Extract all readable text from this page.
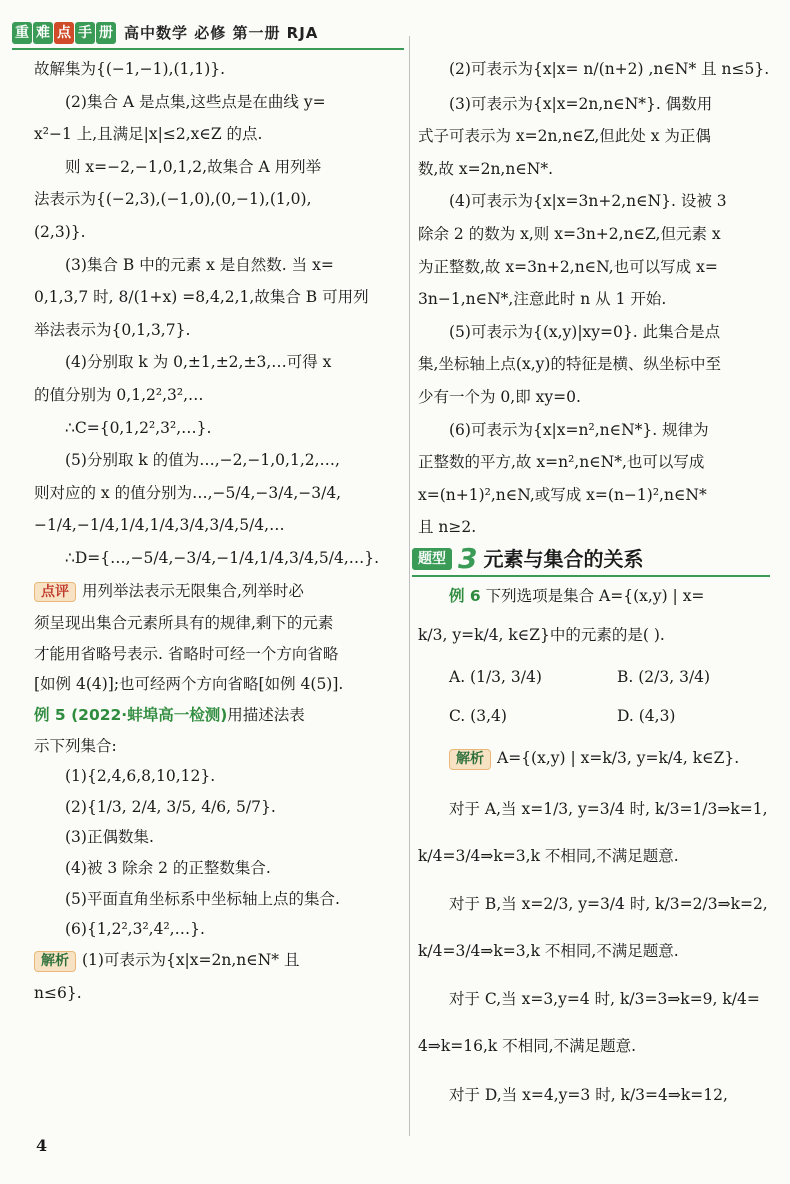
重 难 点 手 册 高中数学 必修 第一册 RJA
故解集为{(−1,−1),(1,1)}.
(2)集合 A 是点集,这些点是在曲线 y=
x²−1 上,且满足|x|≤2,x∈Z 的点.
则 x=−2,−1,0,1,2,故集合 A 用列举
法表示为{(−2,3),(−1,0),(0,−1),(1,0),
(2,3)}.
(3)集合 B 中的元素 x 是自然数. 当 x=
0,1,3,7 时, 8/(1+x) =8,4,2,1,故集合 B 可用列
举法表示为{0,1,3,7}.
(4)分别取 k 为 0,±1,±2,±3,…可得 x
的值分别为 0,1,2²,3²,…
∴C={0,1,2²,3²,…}.
(5)分别取 k 的值为…,−2,−1,0,1,2,…,
则对应的 x 的值分别为…,−5/4,−3/4,−3/4,
−1/4,−1/4,1/4,1/4,3/4,3/4,5/4,…
∴D={…,−5/4,−3/4,−1/4,1/4,3/4,5/4,…}.
点评 用列举法表示无限集合,列举时必
须呈现出集合元素所具有的规律,剩下的元素
才能用省略号表示. 省略时可经一个方向省略
[如例 4(4)];也可经两个方向省略[如例 4(5)].
例 5 (2022·蚌埠高一检测)用描述法表
示下列集合:
(1){2,4,6,8,10,12}.
(2){1/3, 2/4, 3/5, 4/6, 5/7}.
(3)正偶数集.
(4)被 3 除余 2 的正整数集合.
(5)平面直角坐标系中坐标轴上点的集合.
(6){1,2²,3²,4²,…}.
解析 (1)可表示为{x|x=2n,n∈N* 且
n≤6}.
(2)可表示为{x|x= n/(n+2) ,n∈N* 且 n≤5}.
(3)可表示为{x|x=2n,n∈N*}. 偶数用
式子可表示为 x=2n,n∈Z,但此处 x 为正偶
数,故 x=2n,n∈N*.
(4)可表示为{x|x=3n+2,n∈N}. 设被 3
除余 2 的数为 x,则 x=3n+2,n∈Z,但元素 x
为正整数,故 x=3n+2,n∈N,也可以写成 x=
3n−1,n∈N*,注意此时 n 从 1 开始.
(5)可表示为{(x,y)|xy=0}. 此集合是点
集,坐标轴上点(x,y)的特征是横、纵坐标中至
少有一个为 0,即 xy=0.
(6)可表示为{x|x=n²,n∈N*}. 规律为
正整数的平方,故 x=n²,n∈N*,也可以写成
x=(n+1)²,n∈N,或写成 x=(n−1)²,n∈N*
且 n≥2.
题型 3 元素与集合的关系
例 6 下列选项是集合 A={(x,y) | x=
k/3, y=k/4, k∈Z}中的元素的是( ).
A. (1/3, 3/4)	B. (2/3, 3/4)
C. (3,4)	D. (4,3)
解析 A={(x,y) | x=k/3, y=k/4, k∈Z}.
对于 A,当 x=1/3, y=3/4 时, k/3=1/3⇒k=1,
k/4=3/4⇒k=3,k 不相同,不满足题意.
对于 B,当 x=2/3, y=3/4 时, k/3=2/3⇒k=2,
k/4=3/4⇒k=3,k 不相同,不满足题意.
对于 C,当 x=3,y=4 时, k/3=3⇒k=9, k/4=
4⇒k=16,k 不相同,不满足题意.
对于 D,当 x=4,y=3 时, k/3=4⇒k=12,
4
